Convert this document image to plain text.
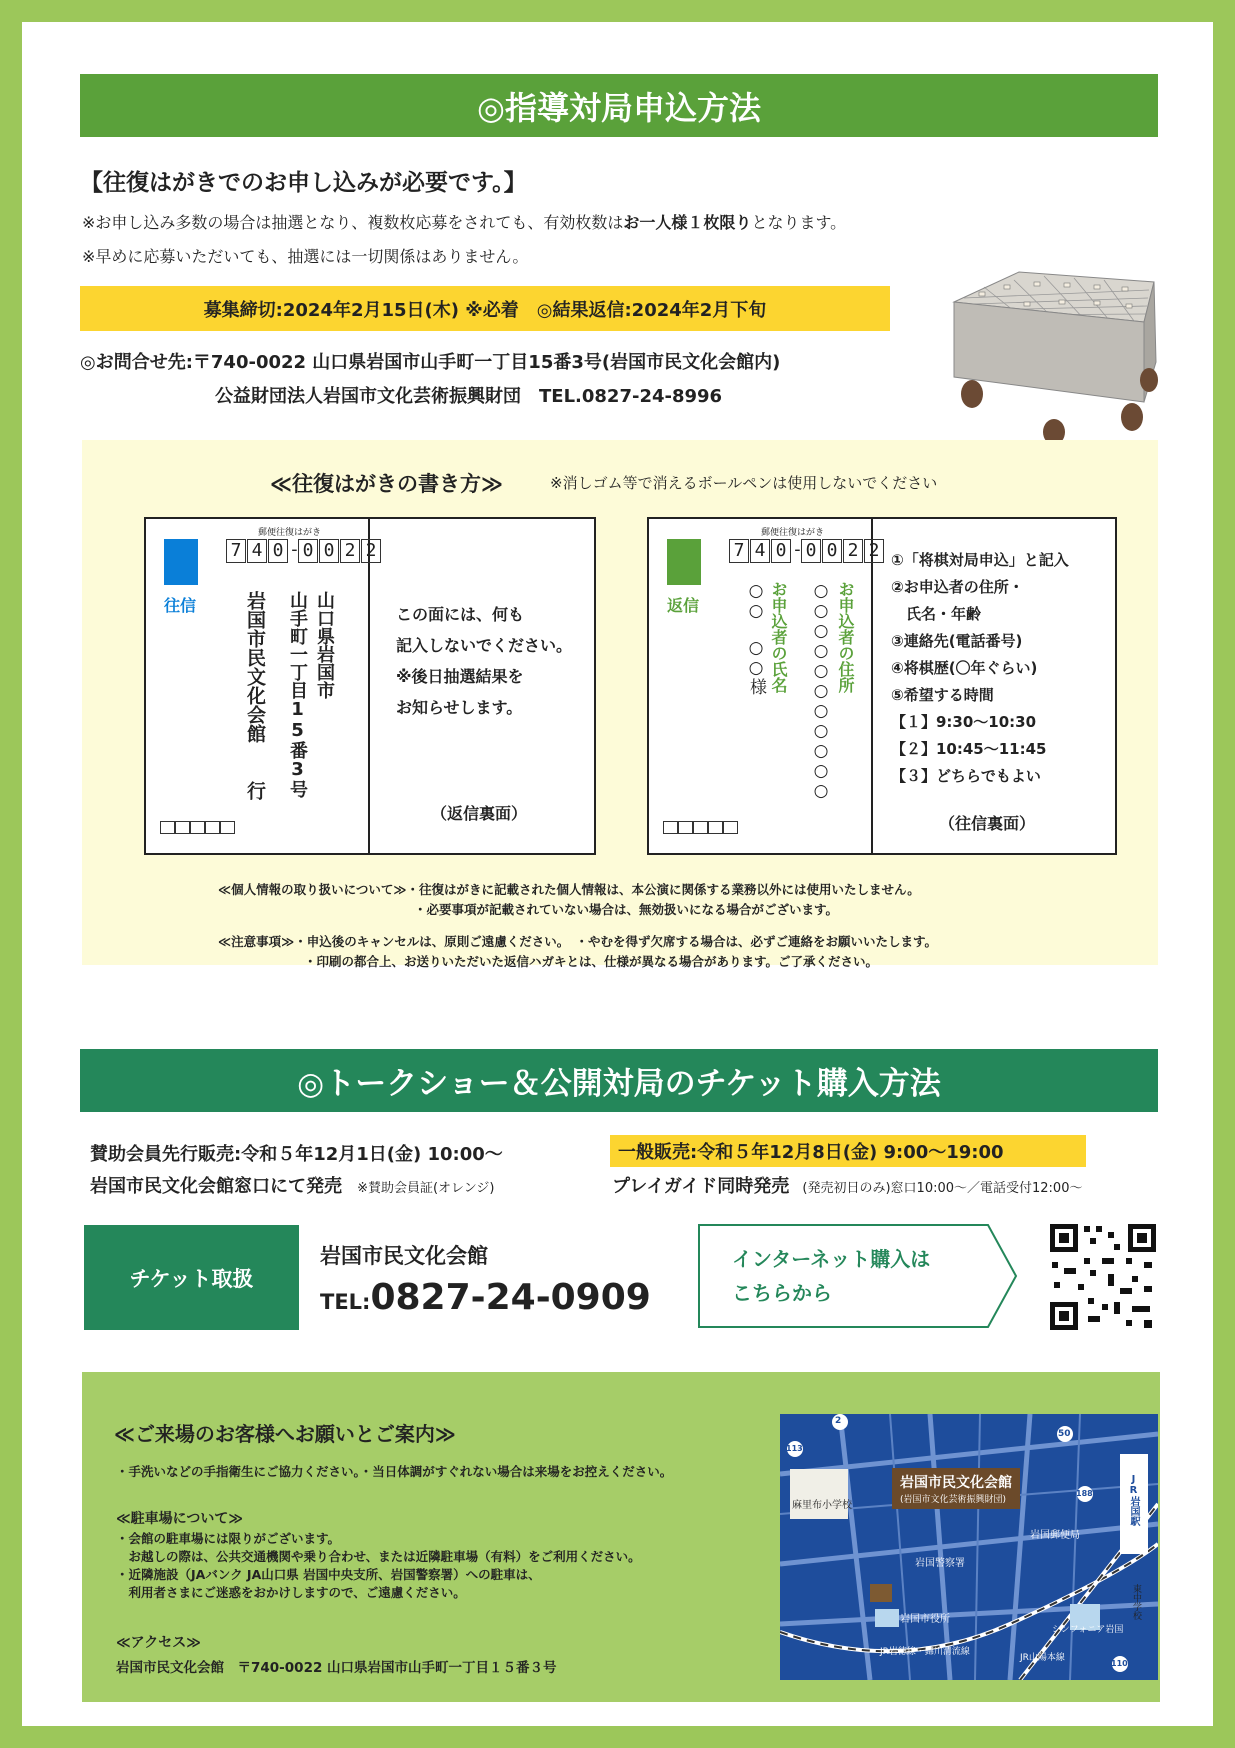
◎指導対局申込方法
【往復はがきでのお申し込みが必要です。】
※お申し込み多数の場合は抽選となり、複数枚応募をされても、有効枚数はお一人様１枚限りとなります。
※早めに応募いただいても、抽選には一切関係はありません。
募集締切:2024年2月15日(木) ※必着　◎結果返信:2024年2月下旬
◎お問合せ先:〒740-0022 山口県岩国市山手町一丁目15番3号(岩国市民文化会館内)
公益財団法人岩国市文化芸術振興財団　TEL.0827-24-8996
≪往復はがきの書き方≫	※消しゴム等で消えるボールペンは使用しないでください
郵便往復はがき
7 4 0 - 0 0 2 2
往信	山口県岩国市
山手町一丁目15番3号
岩国市民文化会館　　行	この面には、何も
記入しないでください。
※後日抽選結果を
お知らせします。
（返信裏面）
郵便往復はがき
7 4 0 - 0 0 2 2
返信	お申込者の住所
○○○○○○○○○○○
お申込者の氏名
○○　○○様
①「将棋対局申込」と記入
②お申込者の住所・
　氏名・年齢
③連絡先(電話番号)
④将棋歴(〇年ぐらい)
⑤希望する時間
【１】9:30〜10:30
【２】10:45〜11:45
【３】どちらでもよい
（往信裏面）
≪個人情報の取り扱いについて≫・往復はがきに記載された個人情報は、本公演に関係する業務以外には使用いたしません。
・必要事項が記載されていない場合は、無効扱いになる場合がございます。
≪注意事項≫・申込後のキャンセルは、原則ご遠慮ください。　・やむを得ず欠席する場合は、必ずご連絡をお願いいたします。
・印刷の都合上、お送りいただいた返信ハガキとは、仕様が異なる場合があります。ご了承ください。
◎トークショー＆公開対局のチケット購入方法
賛助会員先行販売:令和５年12月1日(金) 10:00〜
岩国市民文化会館窓口にて発売 ※賛助会員証(オレンジ)
一般販売:令和５年12月8日(金) 9:00〜19:00
プレイガイド同時発売 (発売初日のみ)窓口10:00〜／電話受付12:00〜
チケット取扱
岩国市民文化会館
TEL:0827-24-0909
インターネット購入は
こちらから
≪ご来場のお客様へお願いとご案内≫
・手洗いなどの手指衛生にご協力ください。・当日体調がすぐれない場合は来場をお控えください。
≪駐車場について≫
・会館の駐車場には限りがございます。
　お越しの際は、公共交通機関や乗り合わせ、または近隣駐車場（有料）をご利用ください。
・近隣施設（JAバンク JA山口県 岩国中央支所、岩国警察署）への駐車は、
　利用者さまにご迷惑をおかけしますので、ご遠慮ください。
≪アクセス≫
岩国市民文化会館　〒740-0022 山口県岩国市山手町一丁目１５番３号
2
113
50
188
110
麻里布小学校
岩国郵便局
岩国警察署
岩国市役所	東中学校
JR岩国駅
シンフォニア岩国
JR岩徳線・錦川清流線
JR山陽本線
岩国市民文化会館
(岩国市文化芸術振興財団)
